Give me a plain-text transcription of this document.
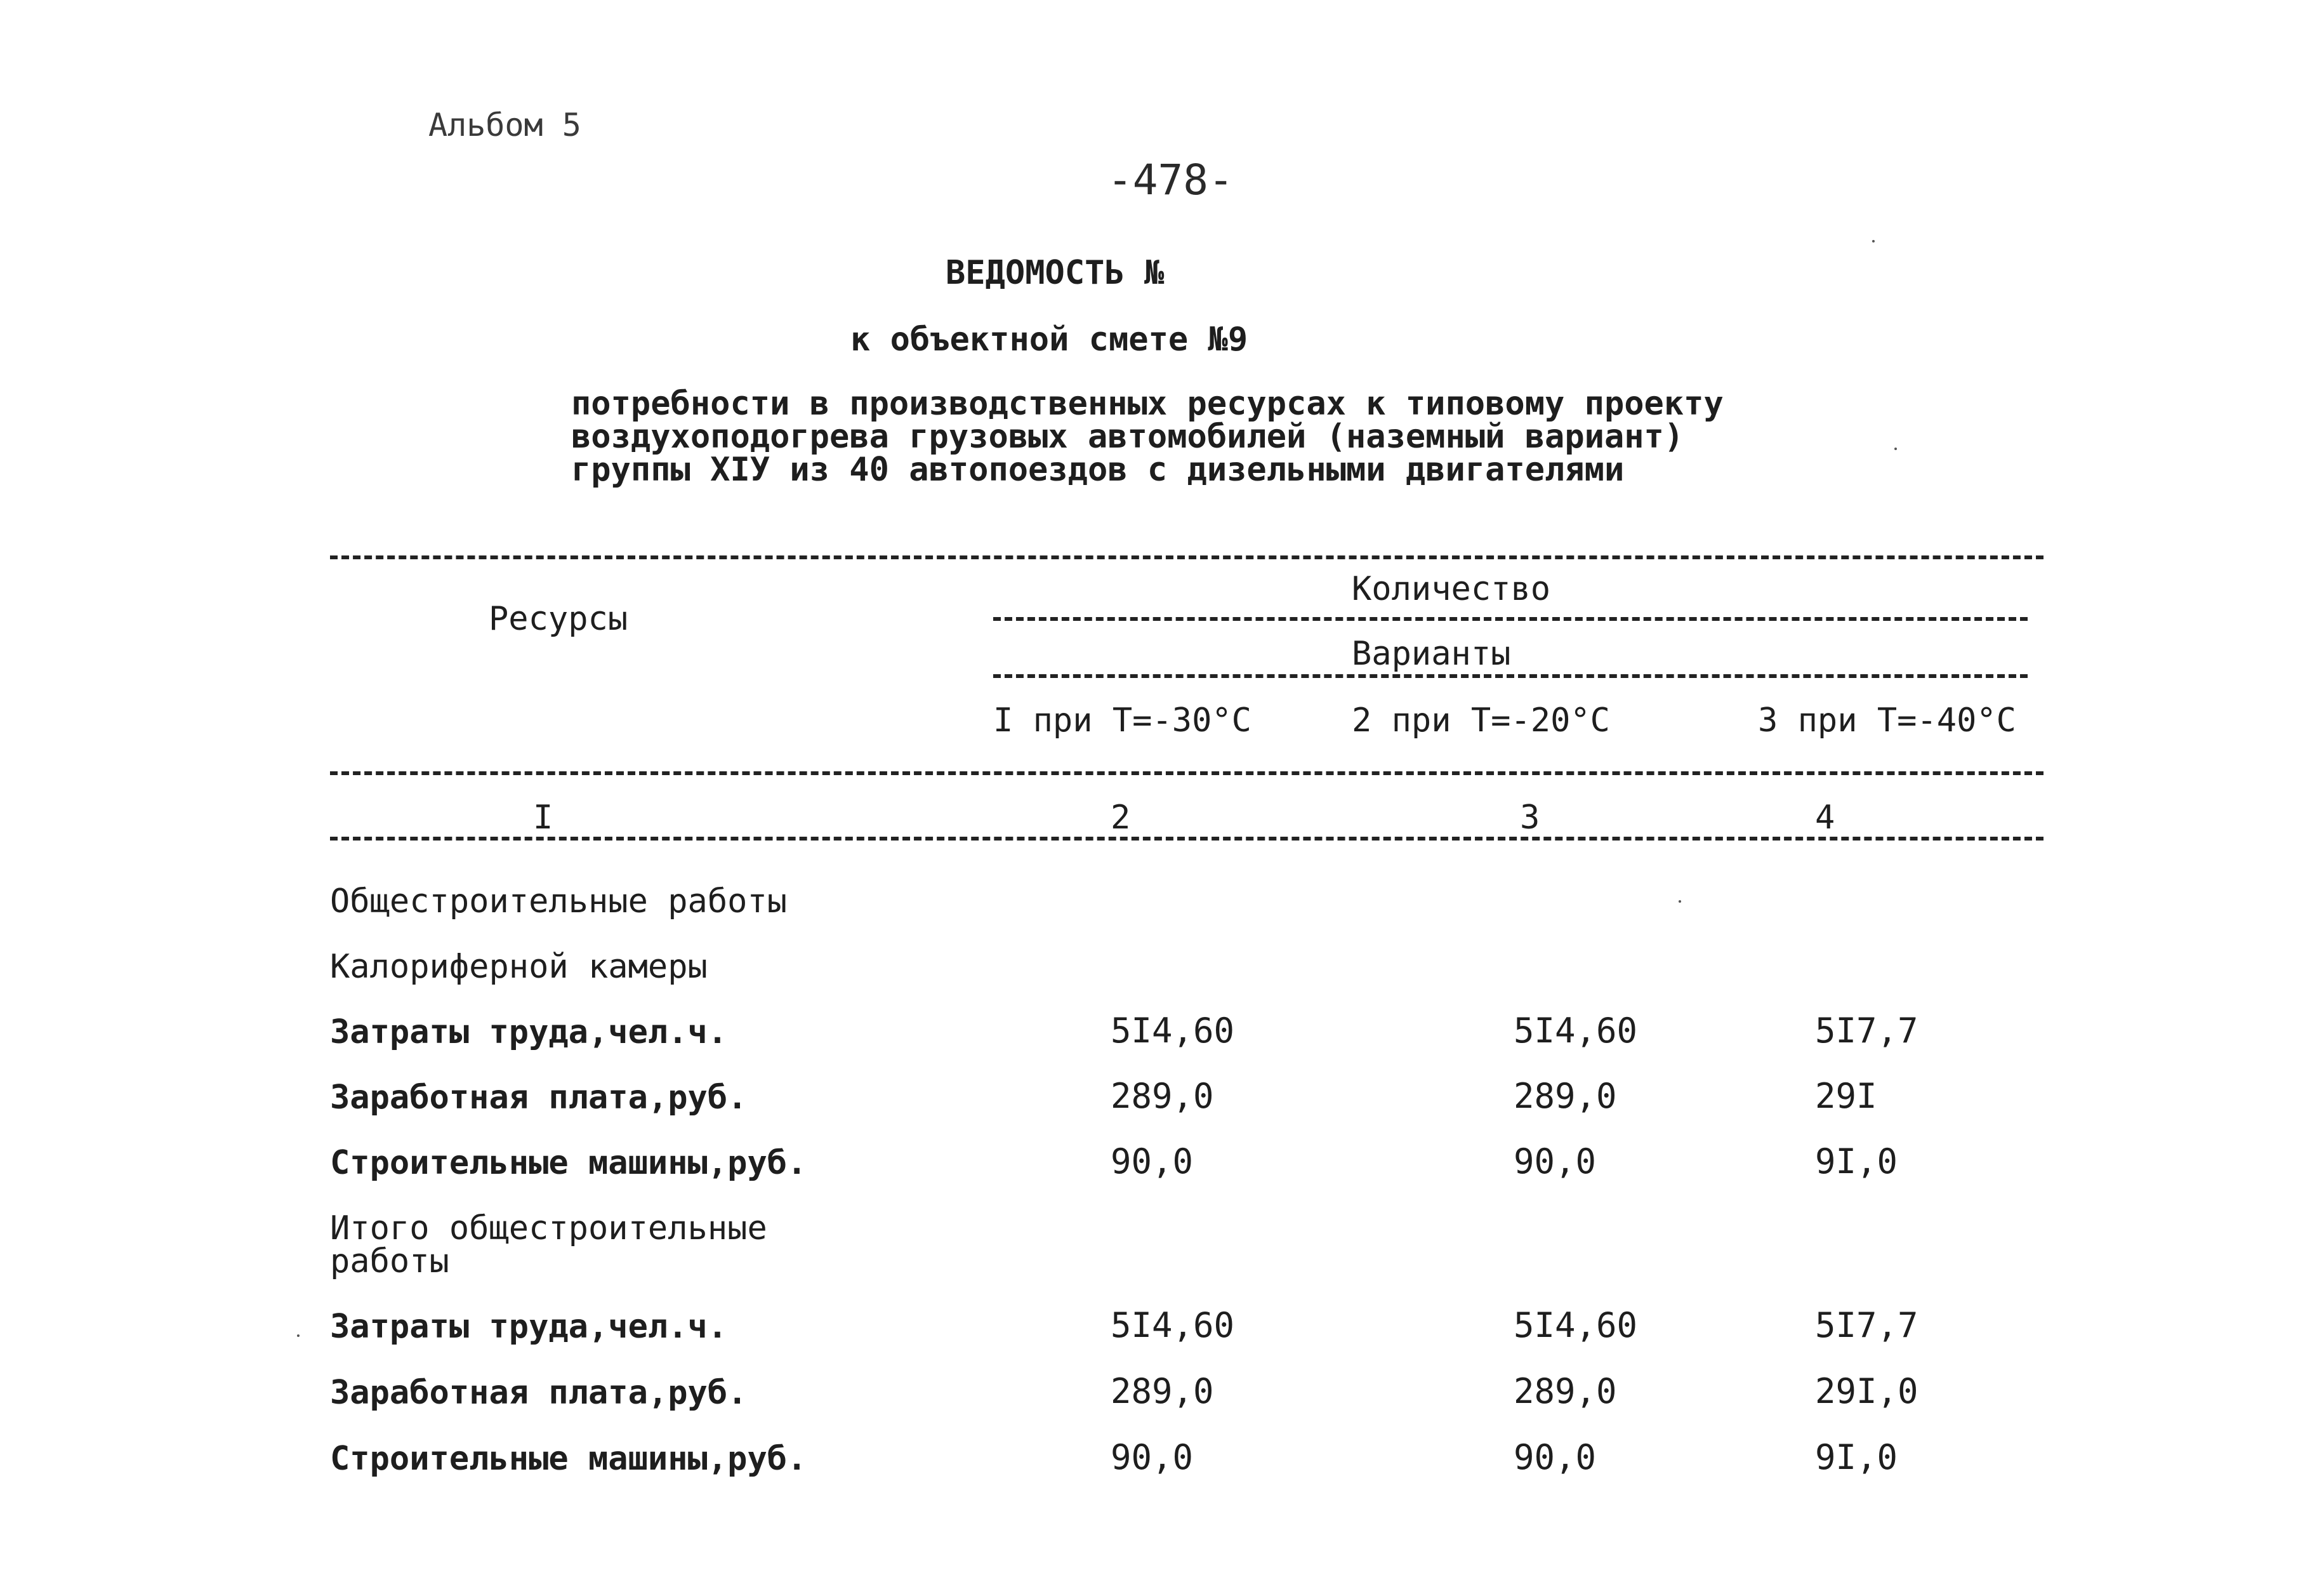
Альбом 5
-478-
ВЕДОМОСТЬ №
к объектной смете №9
потребности в производственных ресурсах к типовому проекту
воздухоподогрева грузовых автомобилей (наземный вариант)
группы XIУ из 40 автопоездов с дизельными двигателями
Ресурсы
Количество
Варианты
I при Т=-30°С	2 при Т=-20°С	3 при Т=-40°С
I	2	3	4
Общестроительные работы
Калориферной камеры
Затраты труда,чел.ч.	5I4,60	5I4,60	5I7,7
Заработная плата,руб.	289,0	289,0	29I
Строительные машины,руб.	90,0	90,0	9I,0
Итого общестроительные
работы
Затраты труда,чел.ч.	5I4,60	5I4,60	5I7,7
Заработная плата,руб.	289,0	289,0	29I,0
Строительные машины,руб.	90,0	90,0	9I,0
